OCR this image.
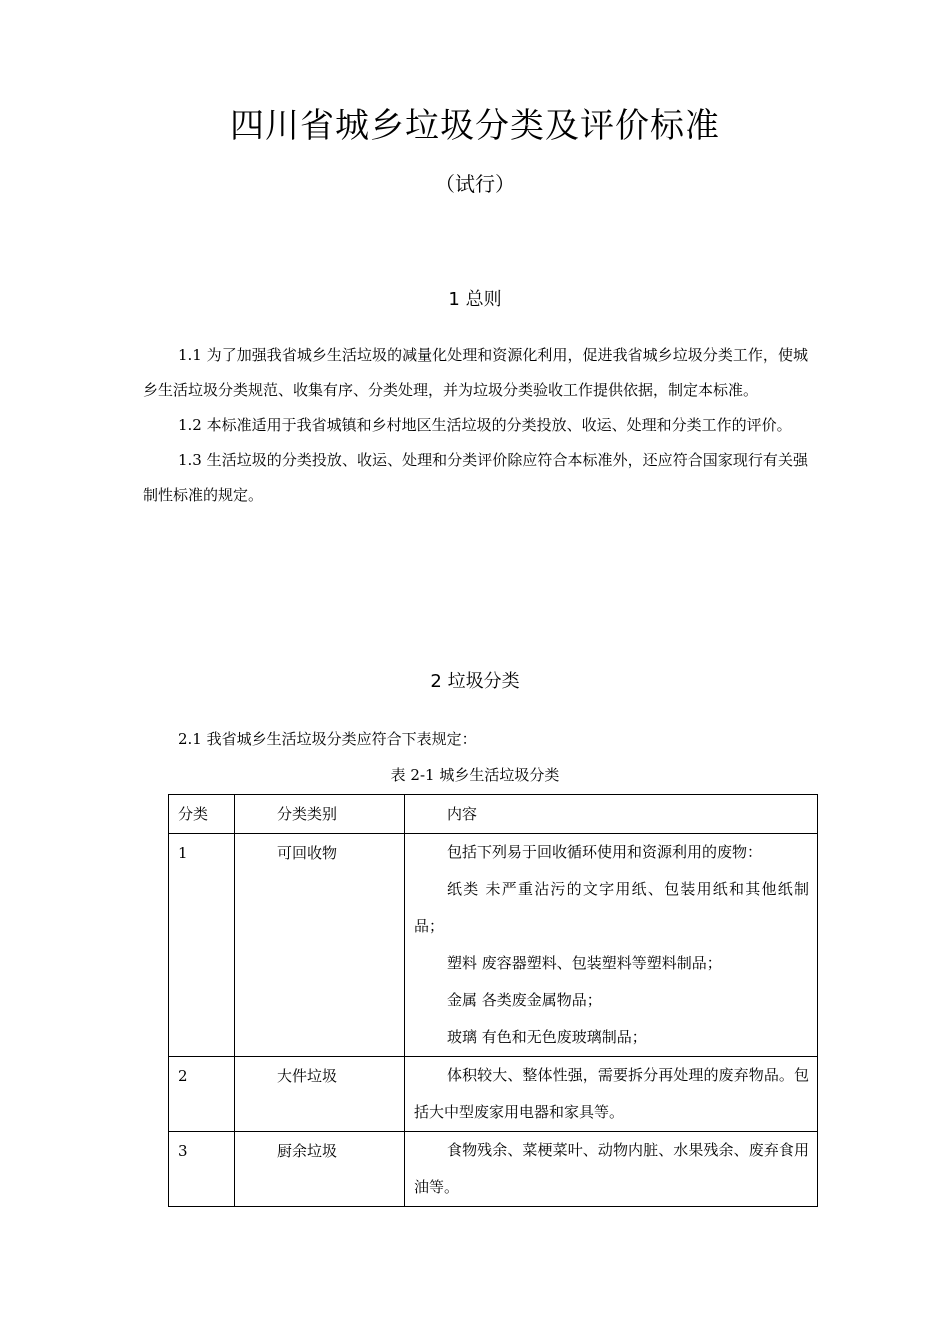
四川省城乡垃圾分类及评价标准
（试行）
1 总则

1.1 为了加强我省城乡生活垃圾的减量化处理和资源化利用，促进我省城乡垃圾分类工作，使城乡生活垃圾分类规范、收集有序、分类处理，并为垃圾分类验收工作提供依据，制定本标准。

1.2 本标准适用于我省城镇和乡村地区生活垃圾的分类投放、收运、处理和分类工作的评价。

1.3 生活垃圾的分类投放、收运、处理和分类评价除应符合本标准外，还应符合国家现行有关强制性标准的规定。

2 垃圾分类

2.1 我省城乡生活垃圾分类应符合下表规定：

表 2-1 城乡生活垃圾分类
分类	分类类别	内容
1	可回收物	包括下列易于回收循环使用和资源利用的废物：

纸类 未严重沾污的文字用纸、包装用纸和其他纸制品；

塑料 废容器塑料、包装塑料等塑料制品；

金属 各类废金属物品；

玻璃 有色和无色废玻璃制品；

2	大件垃圾	体积较大、整体性强，需要拆分再处理的废弃物品。包括大中型废家用电器和家具等。

3	厨余垃圾	食物残余、菜梗菜叶、动物内脏、水果残余、废弃食用油等。
